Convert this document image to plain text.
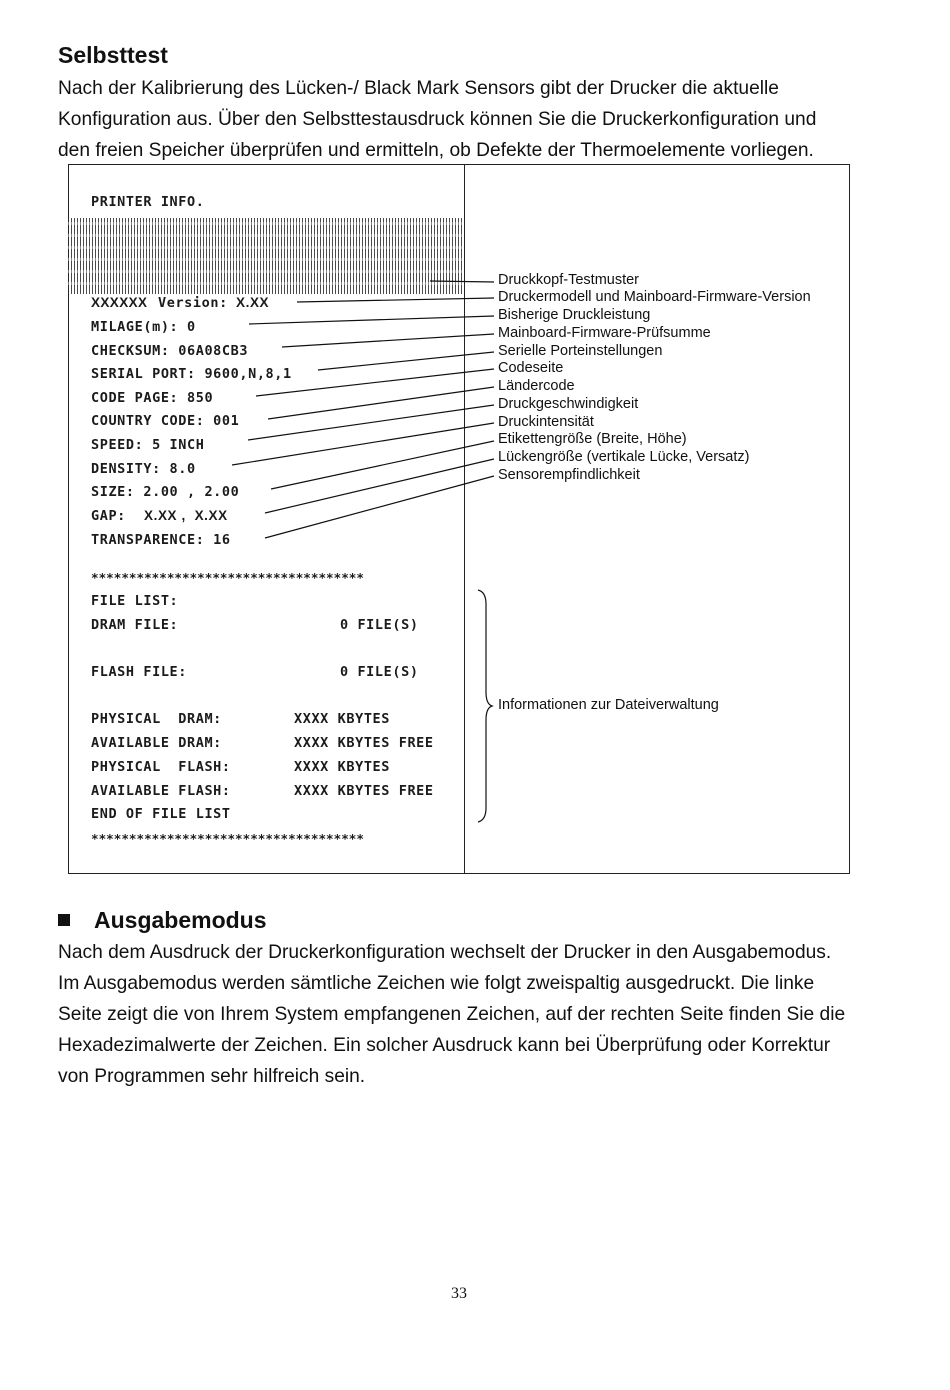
Selbsttest
Nach der Kalibrierung des Lücken-/ Black Mark Sensors gibt der Drucker die aktuelle
Konfiguration aus. Über den Selbsttestausdruck können Sie die Druckerkonfiguration und
den freien Speicher überprüfen und ermitteln, ob Defekte der Thermoelemente vorliegen.
PRINTER INFO.
XXXXXX Version: X.XX
MILAGE(m): 0
CHECKSUM: 06A08CB3
SERIAL PORT: 9600,N,8,1
CODE PAGE: 850
COUNTRY CODE: 001
SPEED: 5 INCH
DENSITY: 8.0
SIZE: 2.00 , 2.00
GAP: X.XX ,  X.XX
TRANSPARENCE: 16
************************************
FILE LIST:
DRAM FILE:	0 FILE(S)
FLASH FILE:	0 FILE(S)
PHYSICAL  DRAM:	XXXX KBYTES
AVAILABLE DRAM:	XXXX KBYTES FREE
PHYSICAL  FLASH:	XXXX KBYTES
AVAILABLE FLASH:	XXXX KBYTES FREE
END OF FILE LIST
************************************
Druckkopf-Testmuster
Druckermodell und Mainboard-Firmware-Version
Bisherige Druckleistung
Mainboard-Firmware-Prüfsumme
Serielle Porteinstellungen
Codeseite
Ländercode
Druckgeschwindigkeit
Druckintensität
Etikettengröße (Breite, Höhe)
Lückengröße (vertikale Lücke, Versatz)
Sensorempfindlichkeit
Informationen zur Dateiverwaltung
Ausgabemodus
Nach dem Ausdruck der Druckerkonfiguration wechselt der Drucker in den Ausgabemodus.
Im Ausgabemodus werden sämtliche Zeichen wie folgt zweispaltig ausgedruckt. Die linke
Seite zeigt die von Ihrem System empfangenen Zeichen, auf der rechten Seite finden Sie die
Hexadezimalwerte der Zeichen. Ein solcher Ausdruck kann bei Überprüfung oder Korrektur
von Programmen sehr hilfreich sein.
33
